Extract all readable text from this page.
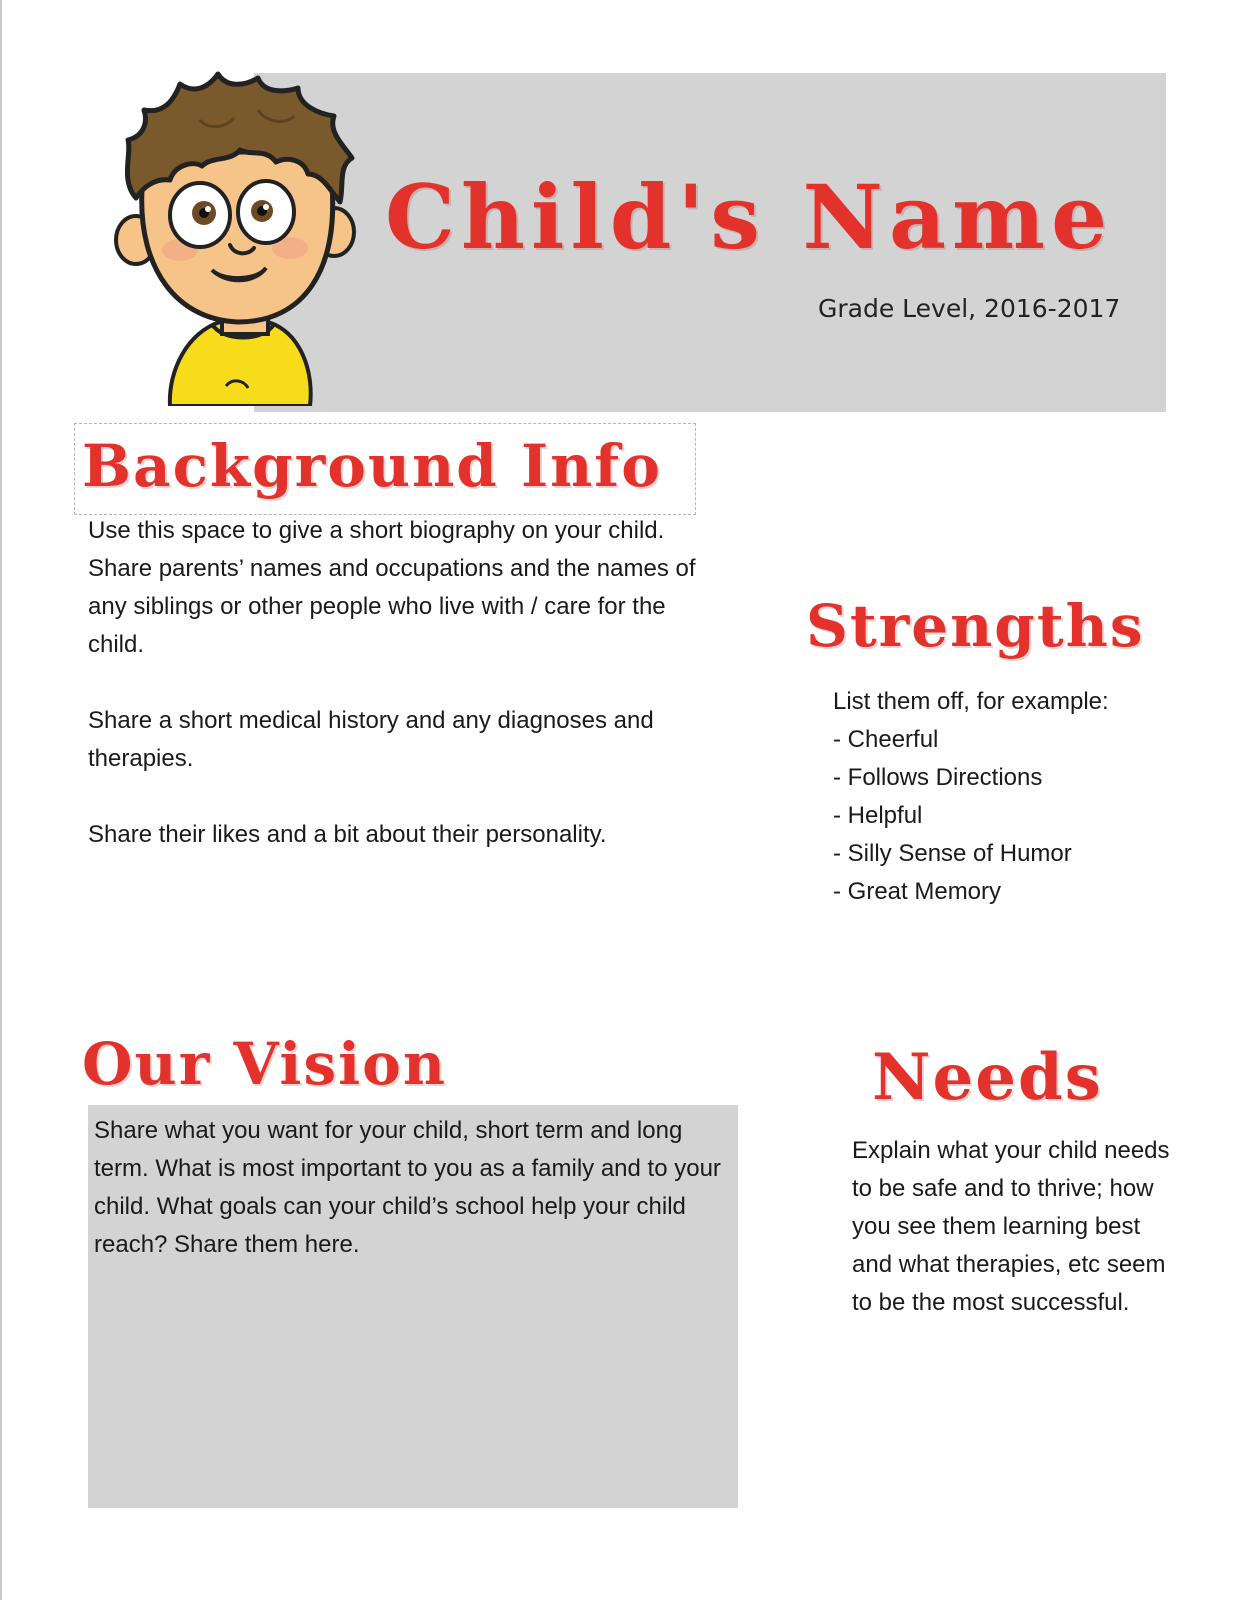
Child's Name

Grade Level, 2016-2017

Background Info

Use this space to give a short biography on your child. Share parents’ names and occupations and the names of any siblings or other people who live with / care for the child.

Share a short medical history and any diagnoses and therapies.

Share their likes and a bit about their personality.

Strengths
List them off, for example:
- Cheerful
- Follows Directions
- Helpful
- Silly Sense of Humor
- Great Memory
Our Vision

Share what you want for your child, short term and long term. What is most important to you as a family and to your child. What goals can your child’s school help your child reach? Share them here.

Needs

Explain what your child needs to be safe and to thrive; how you see them learning best and what therapies, etc seem to be the most successful.
